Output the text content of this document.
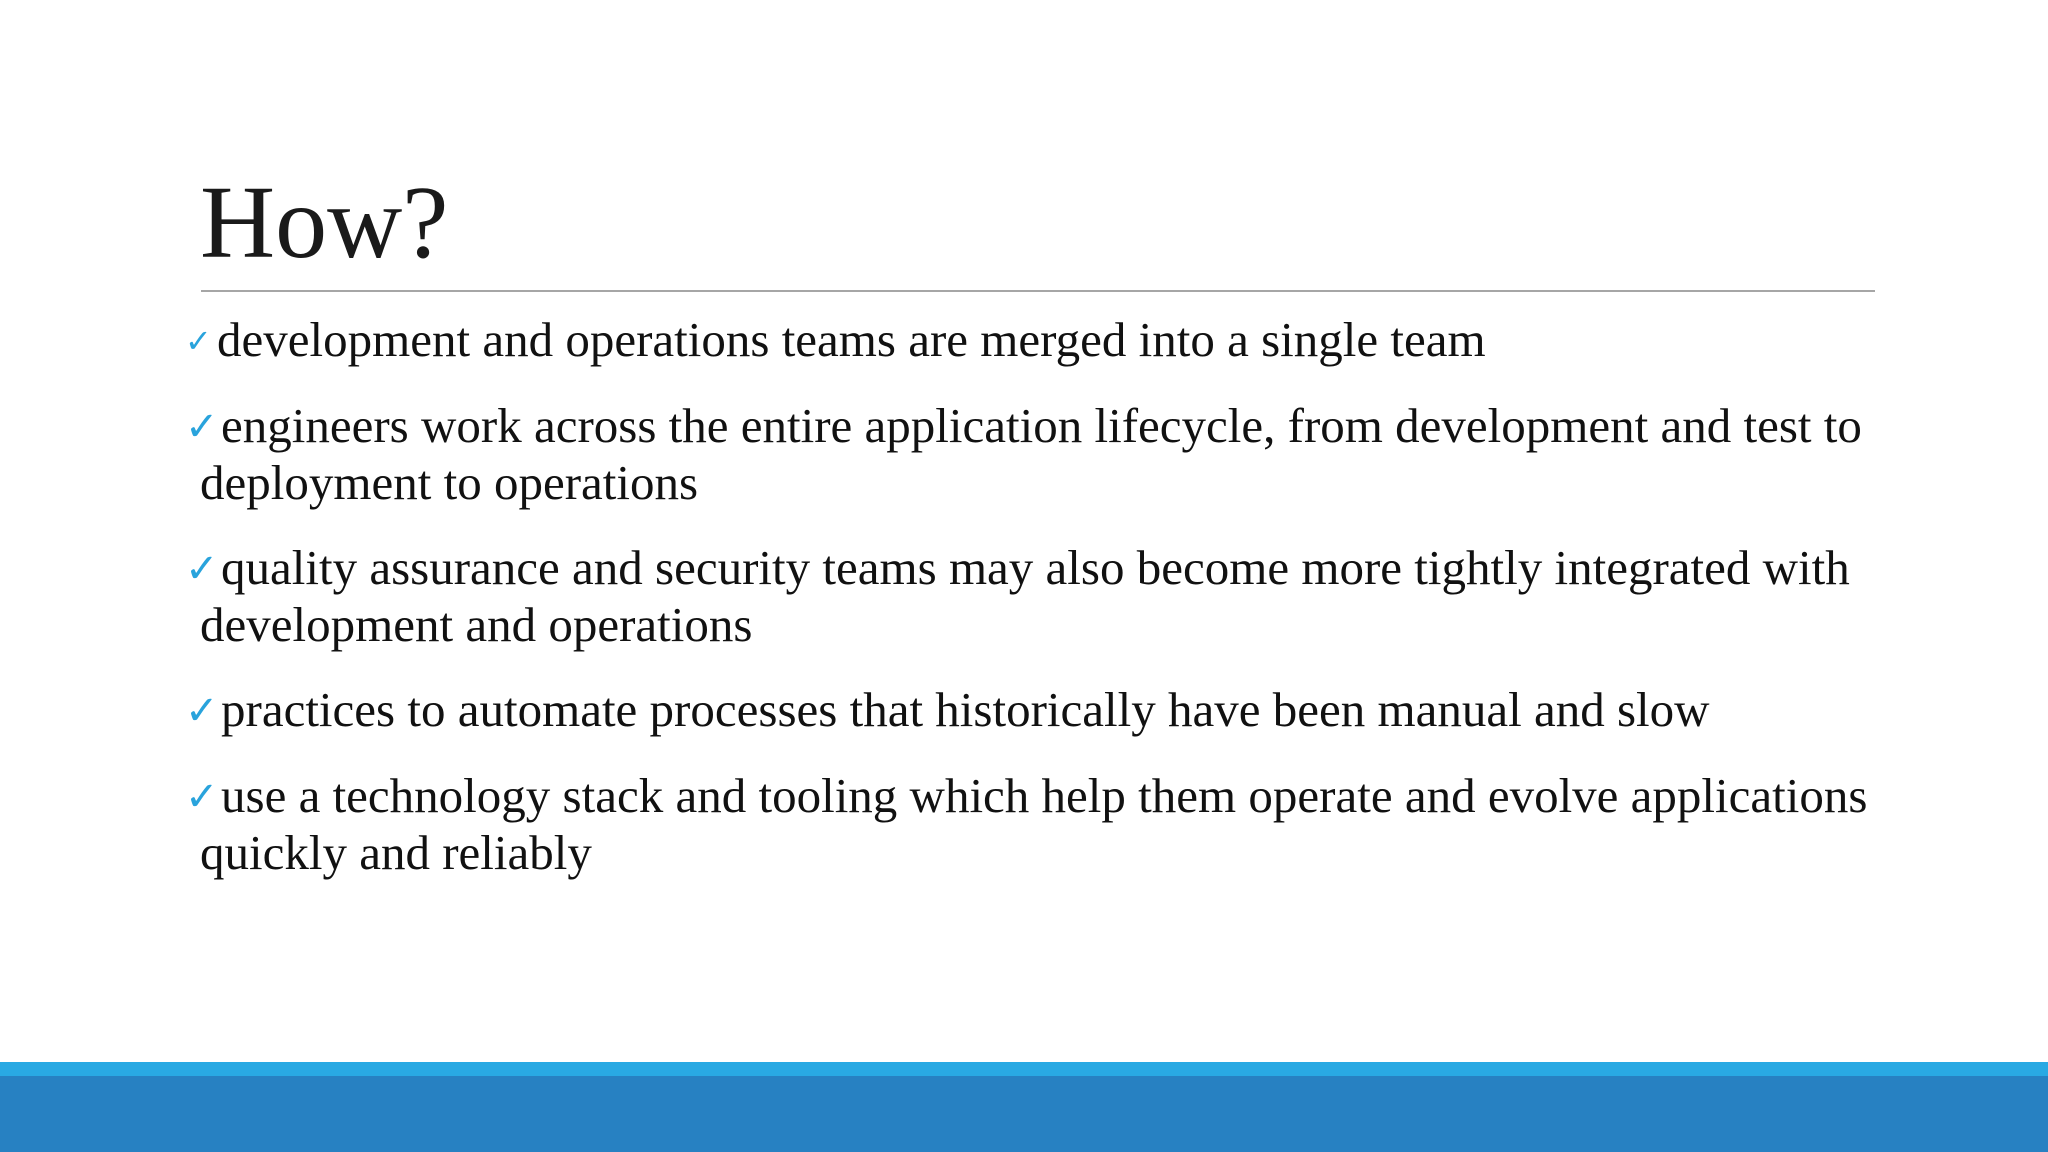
How?
✓ development and operations teams are merged into a single team
✓engineers work across the entire application lifecycle, from development and test to deployment to operations
✓quality assurance and security teams may also become more tightly integrated with development and operations
✓practices to automate processes that historically have been manual and slow
✓use a technology stack and tooling which help them operate and evolve applications quickly and reliably
